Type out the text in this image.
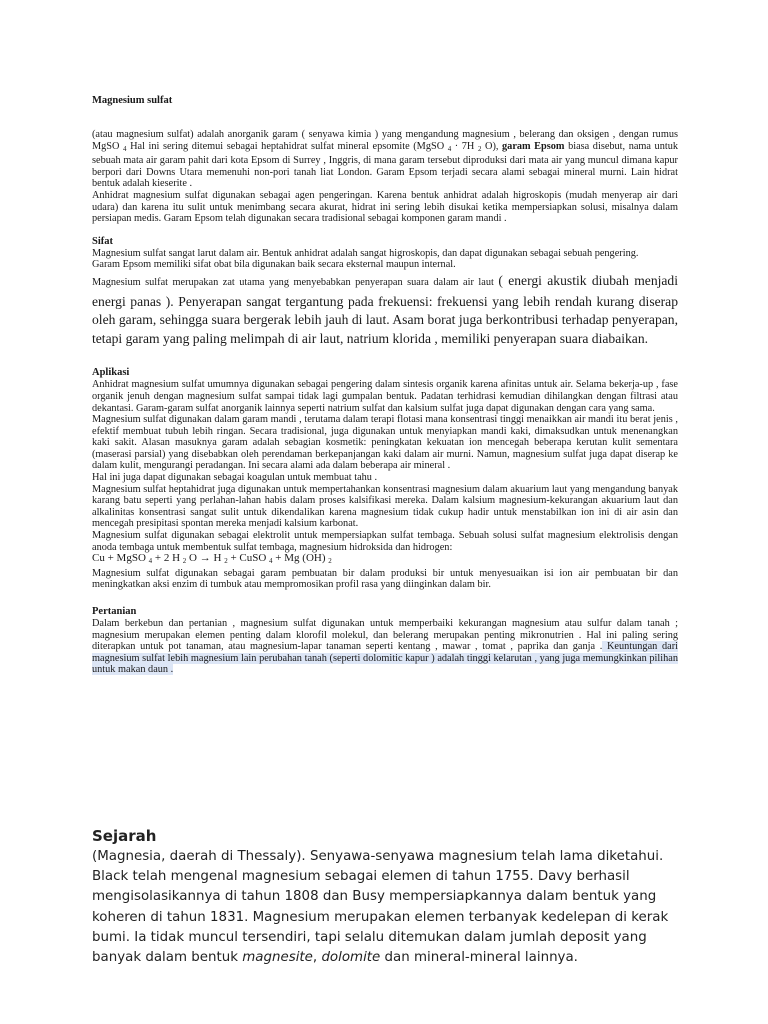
Magnesium sulfat

(atau magnesium sulfat) adalah anorganik garam ( senyawa kimia ) yang mengandung magnesium , belerang dan oksigen , dengan rumus MgSO $_4$ Hal ini sering ditemui sebagai heptahidrat sulfat mineral epsomite (MgSO $_4$ · 7H $_2$ O), garam Epsom biasa disebut, nama untuk sebuah mata air garam pahit dari kota Epsom di Surrey , Inggris, di mana garam tersebut diproduksi dari mata air yang muncul dimana kapur berpori dari Downs Utara memenuhi non-pori tanah liat London. Garam Epsom terjadi secara alami sebagai mineral murni. Lain hidrat bentuk adalah kieserite .

Anhidrat magnesium sulfat digunakan sebagai agen pengeringan. Karena bentuk anhidrat adalah higroskopis (mudah menyerap air dari udara) dan karena itu sulit untuk menimbang secara akurat, hidrat ini sering lebih disukai ketika mempersiapkan solusi, misalnya dalam persiapan medis. Garam Epsom telah digunakan secara tradisional sebagai komponen garam mandi .

Sifat

Magnesium sulfat sangat larut dalam air. Bentuk anhidrat adalah sangat higroskopis, dan dapat digunakan sebagai sebuah pengering.

Garam Epsom memiliki sifat obat bila digunakan baik secara eksternal maupun internal.

Magnesium sulfat merupakan zat utama yang menyebabkan penyerapan suara dalam air laut ( energi akustik diubah menjadi energi panas ). Penyerapan sangat tergantung pada frekuensi: frekuensi yang lebih rendah kurang diserap oleh garam, sehingga suara bergerak lebih jauh di laut. Asam borat juga berkontribusi terhadap penyerapan, tetapi garam yang paling melimpah di air laut, natrium klorida , memiliki penyerapan suara diabaikan.

Aplikasi

Anhidrat magnesium sulfat umumnya digunakan sebagai pengering dalam sintesis organik karena afinitas untuk air. Selama bekerja-up , fase organik jenuh dengan magnesium sulfat sampai tidak lagi gumpalan bentuk. Padatan terhidrasi kemudian dihilangkan dengan filtrasi atau dekantasi. Garam-garam sulfat anorganik lainnya seperti natrium sulfat dan kalsium sulfat juga dapat digunakan dengan cara yang sama.

Magnesium sulfat digunakan dalam garam mandi , terutama dalam terapi flotasi mana konsentrasi tinggi menaikkan air mandi itu berat jenis , efektif membuat tubuh lebih ringan. Secara tradisional, juga digunakan untuk menyiapkan mandi kaki, dimaksudkan untuk menenangkan kaki sakit. Alasan masuknya garam adalah sebagian kosmetik: peningkatan kekuatan ion mencegah beberapa kerutan kulit sementara (maserasi parsial) yang disebabkan oleh perendaman berkepanjangan kaki dalam air murni. Namun, magnesium sulfat juga dapat diserap ke dalam kulit, mengurangi peradangan. Ini secara alami ada dalam beberapa air mineral .

Hal ini juga dapat digunakan sebagai koagulan untuk membuat tahu .

Magnesium sulfat heptahidrat juga digunakan untuk mempertahankan konsentrasi magnesium dalam akuarium laut yang mengandung banyak karang batu seperti yang perlahan-lahan habis dalam proses kalsifikasi mereka. Dalam kalsium magnesium-kekurangan akuarium laut dan alkalinitas konsentrasi sangat sulit untuk dikendalikan karena magnesium tidak cukup hadir untuk menstabilkan ion ini di air asin dan mencegah presipitasi spontan mereka menjadi kalsium karbonat.

Magnesium sulfat digunakan sebagai elektrolit untuk mempersiapkan sulfat tembaga. Sebuah solusi sulfat magnesium elektrolisis dengan anoda tembaga untuk membentuk sulfat tembaga, magnesium hidroksida dan hidrogen:

Cu + MgSO $_4$ + 2 H $_2$ O → H $_2$ + CuSO $_4$ + Mg (OH) $_2$

Magnesium sulfat digunakan sebagai garam pembuatan bir dalam produksi bir untuk menyesuaikan isi ion air pembuatan bir dan meningkatkan aksi enzim di tumbuk atau mempromosikan profil rasa yang diinginkan dalam bir.

Pertanian

Dalam berkebun dan pertanian , magnesium sulfat digunakan untuk memperbaiki kekurangan magnesium atau sulfur dalam tanah ; magnesium merupakan elemen penting dalam klorofil molekul, dan belerang merupakan penting mikronutrien . Hal ini paling sering diterapkan untuk pot tanaman, atau magnesium-lapar tanaman seperti kentang , mawar , tomat , paprika dan ganja . Keuntungan dari magnesium sulfat lebih magnesium lain perubahan tanah (seperti dolomitic kapur ) adalah tinggi kelarutan , yang juga memungkinkan pilihan untuk makan daun .

Sejarah

(Magnesia, daerah di Thessaly). Senyawa-senyawa magnesium telah lama diketahui. Black telah mengenal magnesium sebagai elemen di tahun 1755. Davy berhasil mengisolasikannya di tahun 1808 dan Busy mempersiapkannya dalam bentuk yang koheren di tahun 1831. Magnesium merupakan elemen terbanyak kedelepan di kerak bumi. Ia tidak muncul tersendiri, tapi selalu ditemukan dalam jumlah deposit yang banyak dalam bentuk magnesite, dolomite dan mineral-mineral lainnya.
